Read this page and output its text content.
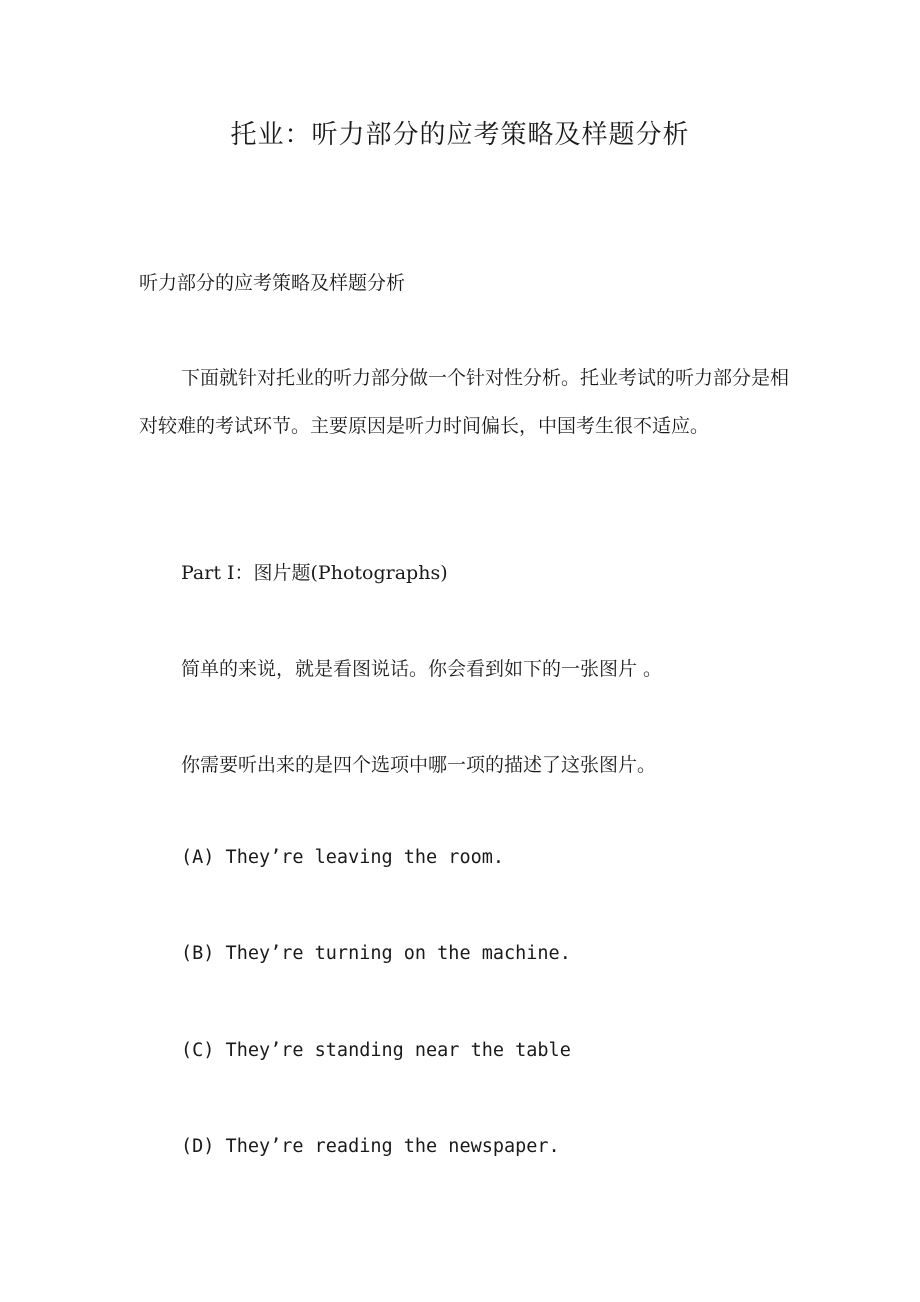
托业：听力部分的应考策略及样题分析

听力部分的应考策略及样题分析

下面就针对托业的听力部分做一个针对性分析。托业考试的听力部分是相对较难的考试环节。主要原因是听力时间偏长，中国考生很不适应。

Part I：图片题(Photographs)

简单的来说，就是看图说话。你会看到如下的一张图片 。

你需要听出来的是四个选项中哪一项的描述了这张图片。

(A) They’re leaving the room.

(B) They’re turning on the machine.

(C) They’re standing near the table

(D) They’re reading the newspaper.
